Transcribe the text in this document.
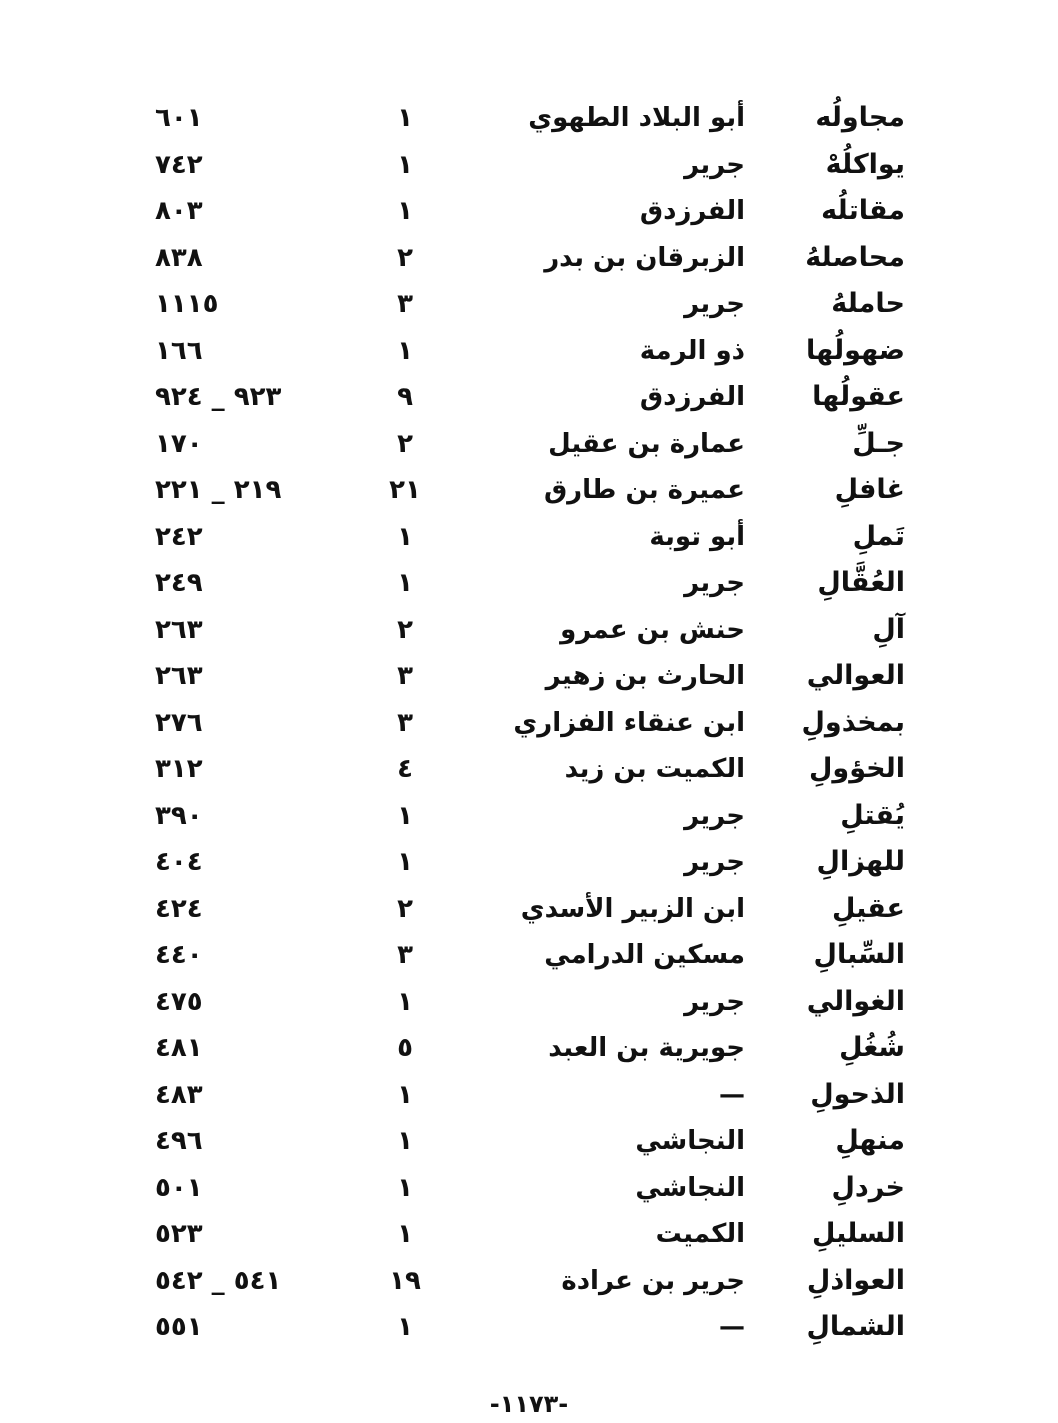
مجاولُه
أبو البلاد الطهوي
١
٦٠١
يواكلُهْ
جرير
١
٧٤٢
مقاتلُه
الفرزدق
١
٨٠٣
محاصلهُ
الزبرقان بن بدر
٢
٨٣٨
حاملهُ
جرير
٣
١١١٥
ضهولُها
ذو الرمة
١
١٦٦
عقولُها
الفرزدق
٩
٩٢٣ _ ٩٢٤
جـلِّ
عمارة بن عقيل
٢
١٧٠
غافلِ
عميرة بن طارق
٢١
٢١٩ _ ٢٢١
تَملِ
أبو توبة
١
٢٤٢
العُقَّالِ
جرير
١
٢٤٩
آلِ
حنش بن عمرو
٢
٢٦٣
العوالي
الحارث بن زهير
٣
٢٦٣
بمخذولِ
ابن عنقاء الفزاري
٣
٢٧٦
الخؤولِ
الكميت بن زيد
٤
٣١٢
يُقتلِ
جرير
١
٣٩٠
للهزالِ
جرير
١
٤٠٤
عقيلِ
ابن الزبير الأسدي
٢
٤٢٤
السِّبالِ
مسكين الدرامي
٣
٤٤٠
الغوالي
جرير
١
٤٧٥
شُغُلِ
جويرية بن العبد
٥
٤٨١
الذحولِ
—
١
٤٨٣
منهلِ
النجاشي
١
٤٩٦
خردلِ
النجاشي
١
٥٠١
السليلِ
الكميت
١
٥٢٣
العواذلِ
جرير بن عرادة
١٩
٥٤١ _ ٥٤٢
الشمالِ
—
١
٥٥١
-١١٧٣-
